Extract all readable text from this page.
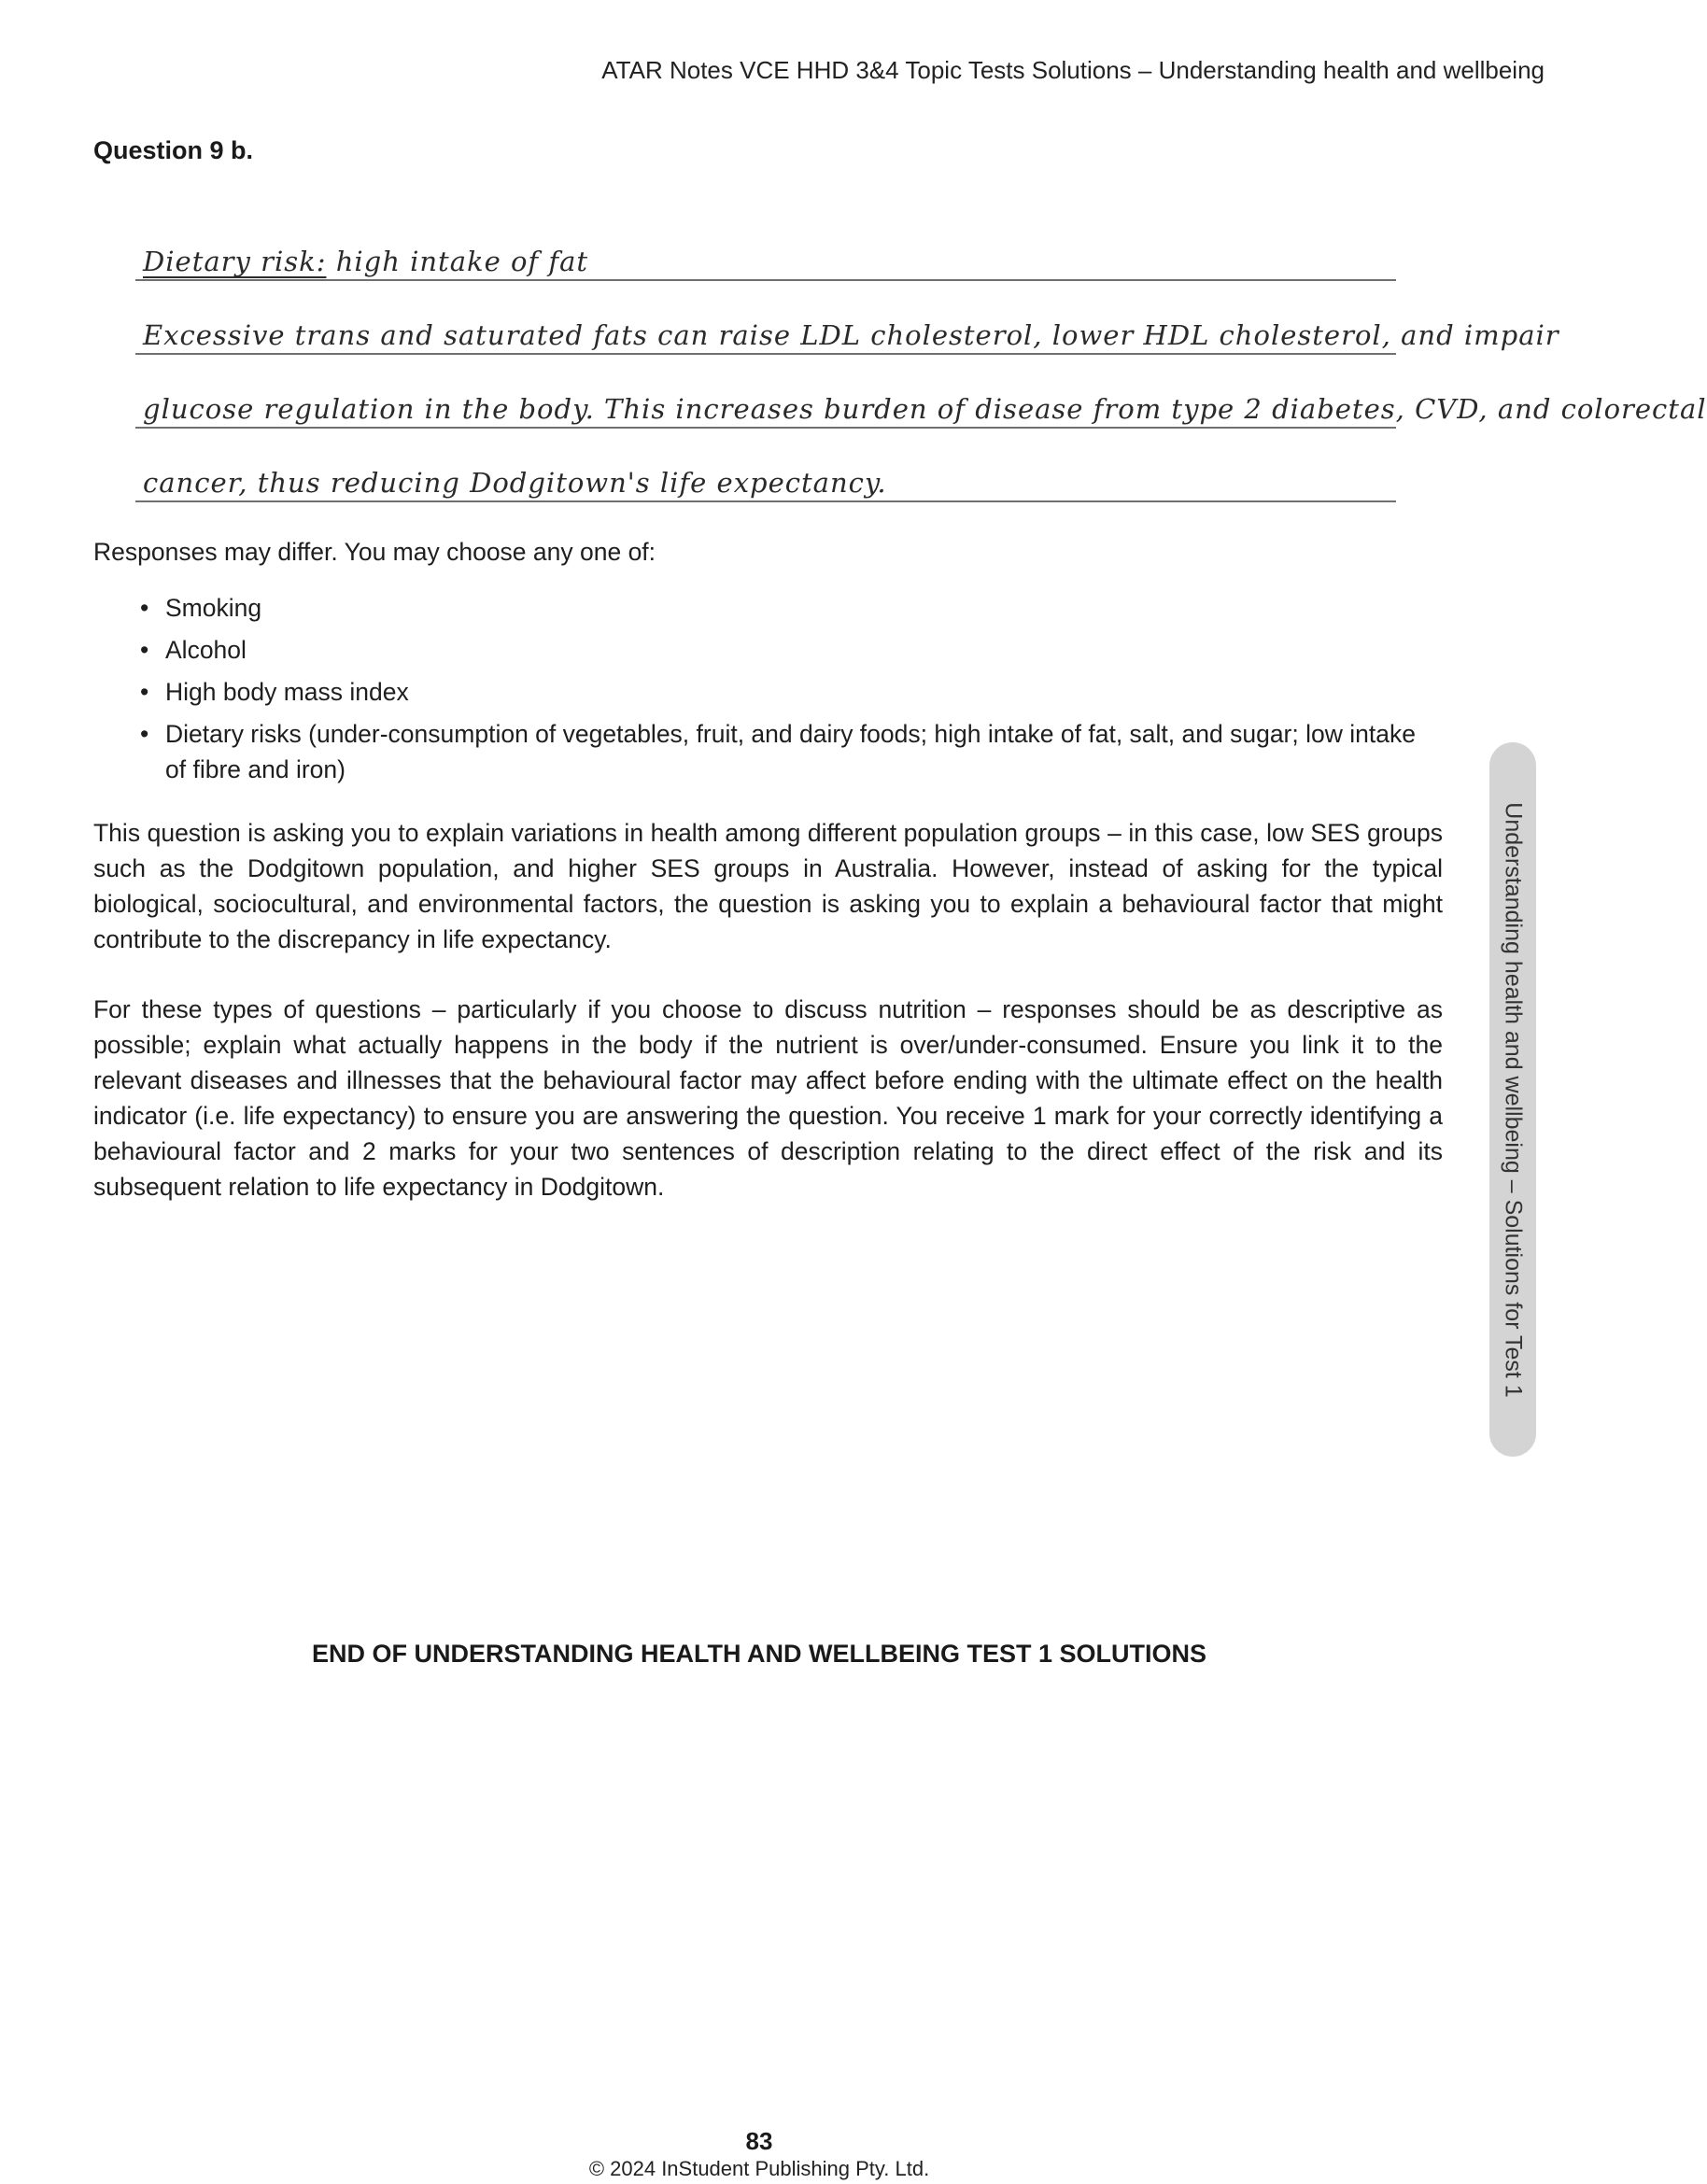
ATAR Notes VCE HHD 3&4 Topic Tests Solutions – Understanding health and wellbeing
Question 9 b.
Dietary risk: high intake of fat
Excessive trans and saturated fats can raise LDL cholesterol, lower HDL cholesterol, and impair
glucose regulation in the body. This increases burden of disease from type 2 diabetes, CVD, and colorectal
cancer, thus reducing Dodgitown's life expectancy.

Responses may differ. You may choose any one of:

• Smoking
• Alcohol
• High body mass index
• Dietary risks (under-consumption of vegetables, fruit, and dairy foods; high intake of fat, salt, and sugar; low intake of fibre and iron)

This question is asking you to explain variations in health among different population groups – in this case, low SES groups such as the Dodgitown population, and higher SES groups in Australia. However, instead of asking for the typical biological, sociocultural, and environmental factors, the question is asking you to explain a behavioural factor that might contribute to the discrepancy in life expectancy.

For these types of questions – particularly if you choose to discuss nutrition – responses should be as descriptive as possible; explain what actually happens in the body if the nutrient is over/under-consumed. Ensure you link it to the relevant diseases and illnesses that the behavioural factor may affect before ending with the ultimate effect on the health indicator (i.e. life expectancy) to ensure you are answering the question. You receive 1 mark for your correctly identifying a behavioural factor and 2 marks for your two sentences of description relating to the direct effect of the risk and its subsequent relation to life expectancy in Dodgitown.

END OF UNDERSTANDING HEALTH AND WELLBEING TEST 1 SOLUTIONS
Understanding health and wellbeing – Solutions for Test 1
83
© 2024 InStudent Publishing Pty. Ltd.
